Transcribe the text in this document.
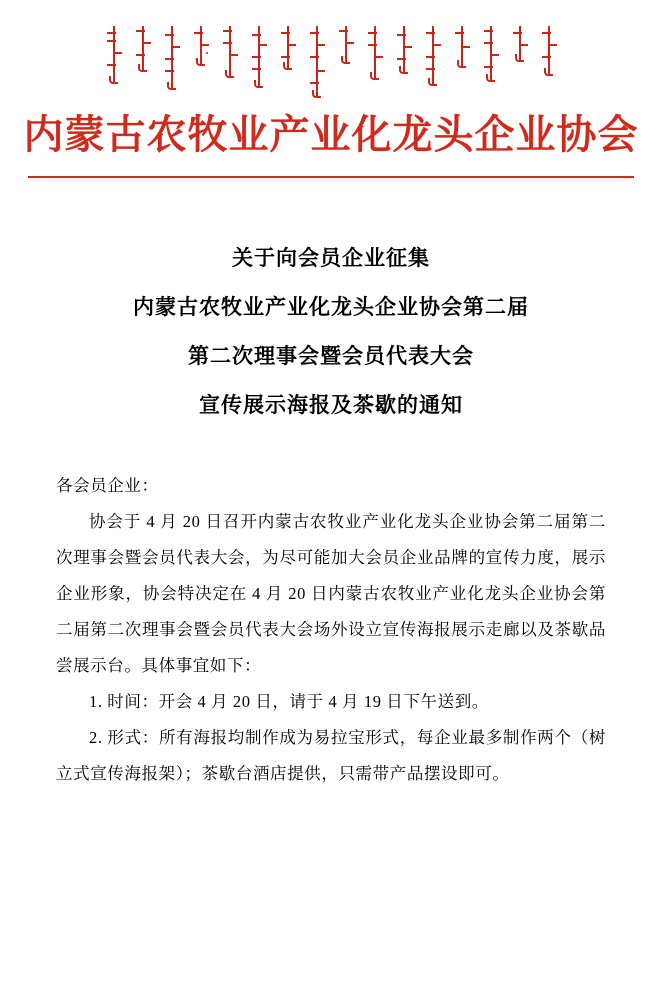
内蒙古农牧业产业化龙头企业协会
关于向会员企业征集
内蒙古农牧业产业化龙头企业协会第二届
第二次理事会暨会员代表大会
宣传展示海报及茶歇的通知

各会员企业：

协会于 4 月 20 日召开内蒙古农牧业产业化龙头企业协会第二届第二次理事会暨会员代表大会，为尽可能加大会员企业品牌的宣传力度，展示企业形象，协会特决定在 4 月 20 日内蒙古农牧业产业化龙头企业协会第二届第二次理事会暨会员代表大会场外设立宣传海报展示走廊以及茶歇品尝展示台。具体事宜如下：

1. 时间：开会 4 月 20 日，请于 4 月 19 日下午送到。

2. 形式：所有海报均制作成为易拉宝形式，每企业最多制作两个（树立式宣传海报架）；茶歇台酒店提供，只需带产品摆设即可。
